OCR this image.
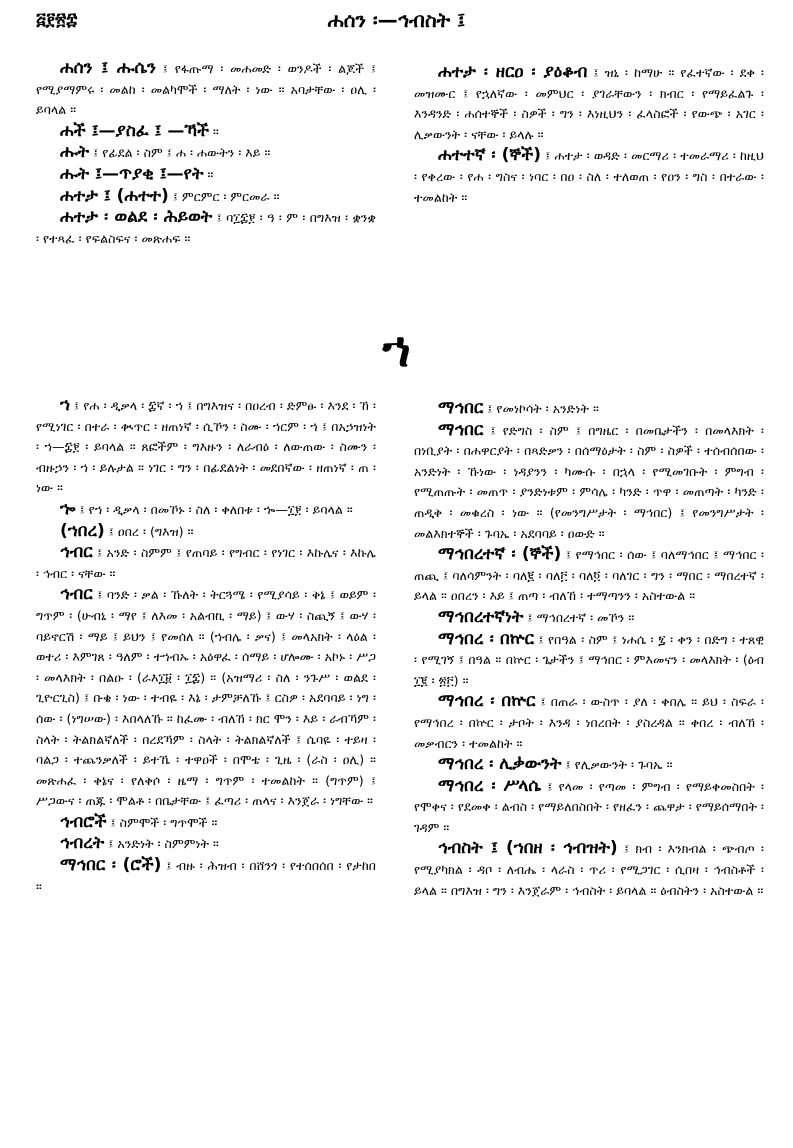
፭፻፳፰	ሐሰን ፡—ኅብስት ፤

ሐሰን ፤ ሑሴን ፤ የፋጡማ ፡ መሐመድ ፡ ወንዶች ፡ ልጆች ፤ የሚያማምሩ ፡ መልከ ፡ መልካሞች ፡ ማለት ፡ ነው ። አባታቸው ፡ ዐሊ ፡ ይባላል ።

ሐች ፤—ያስፈ ፤ —ኻች ።

ሑት ፤ የፊደል ፡ ስም ፤ ሐ ፡ ሐውትን ፡ እይ ።

ሑት ፤—ጥያቂ ፤—የት ።

ሐተታ ፤ (ሐተተ) ፤ ምርምር ፡ ምርመራ ።

ሐተታ ፡ ወልደ ፡ ሕይወት ፤ ባ፲፰፻ ፡ ዓ ፡ ም ፡ በግእዝ ፡ ቋንቋ ፡ የተጻፈ ፡ የፍልስፍና ፡ መጽሐፍ ።

ሐተታ ፡ ዘርዐ ፡ ያዕቆብ ፤ ዝኒ ፡ ከማሁ ። የፈተኛው ፡ ደቀ ፡ መዝሙር ፤ የኋለኛው ፡ መምህር ፡ ያገራቸውን ፡ ክብር ፡ የማይፈልጉ ፡ እንዳንድ ፡ ሐሰተኞች ፡ ስዎች ፡ ግን ፡ እነዚህን ፡ ፈላስፎች ፡ የውጭ ፡ አገር ፡ ሊቃውንት ፡ ናቸው ፡ ይላሉ ።

ሐተተኛ ፡ (ኞች) ፤ ሐተታ ፡ ወዳድ ፡ መርማሪ ፡ ተመራማሪ ፡ ከዚህ ፡ የቀረው ፡ የሐ ፡ ግስና ፡ ነባር ፡ በዐ ፡ ስለ ፡ ተለወጠ ፡ የዐን ፡ ግስ ፡ በተራው ፡ ተመልከት ።

ኀ

ኀ ፤ የሐ ፡ ዲቃላ ፡ ፰ኛ ፡ ኀ ፤ በግእዝና ፡ በዐረብ ፡ ድምፁ ፡ እንደ ፡ ኸ ፡ የሚነገር ፡ በተራ ፡ ቊጥር ፡ ዘጠነኛ ፡ ሲኾን ፡ ስሙ ፡ ኀርም ፡ ኀ ፤ በአኃዝነት ፡ ኀ—፰፻ ፡ ይባላል ። ጸፎችም ፡ ግእዙን ፡ ለራብዕ ፡ ለውጠው ፡ ስሙን ፡ ብዙኃን ፡ ኀ ፡ ይሉታል ። ነገር ፡ ግን ፡ በፊደልነት ፡ መደበኛው ፡ ዘጠነኛ ፡ ጠ ፡ ነው ።

ኈ ፤ የኀ ፡ ዲቃላ ፡ በመኾኑ ፡ ስለ ፡ ቀለበቱ ፡ ኈ—፲፻ ፡ ይባላል ።

(ኀበረ) ፤ ዐበረ ፡ (ግእዝ) ።

ኅብር ፤ አንድ ፡ ስምም ፤ የጠባይ ፡ የግብር ፡ የነገር ፡ እኩሌና ፡ እኩሌ ፡ ኅብር ፡ ናቸው ።

ኅብር ፤ ባንድ ፡ ቃል ፡ ኹለት ፡ ትርጓሜ ፡ የሚያሳይ ፡ ቅኔ ፤ ወይም ፡ ግጥም ፡ (ሁብኒ ፡ ማየ ፤ ለእመ ፡ አልብኪ ፡ ማይ) ፤ ውሃ ፡ ስጪኝ ፤ ውሃ ፡ ባይኖርሽ ፡ ማይ ፤ ይህን ፤ የመሰለ ። (ኀብሌ ፡ ቃና) ፤ መላአክት ፡ ላዕል ፡ ወተሪ ፡ እምገጸ ፡ ዓለም ፡ ተኀብኡ ፡ አዕዋፈ ፡ ሰማይ ፡ ሆሎሙ ፡ አኮኑ ፡ ሥጋ ፡ መላእክት ፡ በልዑ ፡ (ራእ፲፱ ፡ ፲፰) ። (አዝማሪ ፡ ስለ ፡ ንጉሥ ፡ ወልደ ፡ ጊዮርጊስ) ፤ ቡቄ ፡ ነው ፡ ተብዬ ፡ እኔ ፡ ታምቻለኹ ፤ ርስዎ ፡ አደባባይ ፡ ነግ ፡ ሰው ፡ (ነግሠው) ፡ እበላለኹ ። ከፈሙ ፡ ብለኸ ፡ ክር ሞን ፡ እይ ፡ ራብኻም ፡ ስላት ፡ ትልክልኛለች ፡ በረደኻም ፡ ስላት ፡ ትልክልኛለች ፤ ሴባዬ ፡ ተይዛ ፡ ባልጋ ፡ ተጨንቃለች ፡ ይተኼ ፡ ተዋዐች ፡ በሞቴ ፡ ጊዜ ፡ (ራስ ፡ ዐሊ) ። መጽሐፈ ፡ ቅኔና ፡ የለቅሶ ፡ ዜማ ፡ ግጥም ፡ ተመልከት ። (ግጥም) ፤ ሥጋውና ፡ ጠጁ ፡ ሞልቶ ፡ በቤታቸው ፤ ፈጣሪ ፡ ጠላና ፡ እንጀራ ፡ ነግቸው ።

ኅብሮች ፤ ስምሞች ፡ ግጥሞች ።

ኅብረት ፤ አንድነት ፡ ስምምነት ።

ማኅበር ፡ (ሮች) ፤ ብዙ ፡ ሕዝብ ፡ በሸንጎ ፡ የተሰበሰበ ፡ የታከበ ።

ማኅበር ፤ የመነኮሳት ፡ አንድነት ።

ማኅበር ፤ የድግስ ፡ ስም ፤ በግዜር ፡ በመቤታችን ፡ በመላእክት ፡ በነቢያት ፡ በሐዋርያት ፡ በጻድቃን ፡ በሰማዕታት ፡ ስም ፡ ስዎች ፡ ተሰብሰበው ፡ አንድነት ፡ ኹነው ፡ ነዳያንን ፡ ካሙሱ ፡ በኋላ ፡ የሚመገቡት ፡ ምግብ ፡ የሚጠጡት ፡ መጠጥ ፡ ያንድነቱም ፡ ምሳሌ ፡ ካንድ ፡ ጥዋ ፡ መጠጣት ፡ ካንድ ፡ ጠዲቅ ፡ መቁረስ ፡ ነው ። (የመንግሥታት ፡ ማኅበር) ፤ የመንግሥታት ፡ መልእክተኞች ፡ ጉባኤ ፡ አደባባይ ፡ ዐውድ ።

ማኅበረተኛ ፡ (ኞች) ፤ የማኅበር ፡ ሰው ፤ ባለማኅበር ፤ ማኅበር ፡ ጠጪ ፤ ባለሳምንት ፡ ባለ፪ ፡ ባለ፫ ፡ ባለ፬ ፡ ባለገር ፡ ግን ፡ ማበር ፡ ማበረተኛ ፡ ይላል ። ዐበረን ፡ እይ ፤ ጠጣ ፡ ብለኸ ፡ ተማጣንን ፡ አስተውል ።

ማኅበረተኛነት ፤ ማኅበረተኛ ፡ መኾን ።

ማኅበረ ፡ በኵር ፤ የበዓል ፡ ስም ፤ ነሐሴ ፡ ፯ ፡ ቀን ፡ በድግ ፡ ተጸዊ ፡ የሚገኝ ፤ በዓል ። በኵር ፡ ጌታችን ፤ ማኅበር ፡ ምእመናን ፡ መላእክት ፡ (ዕብ ፲፪ ፡ ፳፫) ።

ማኅበረ ፡ በኵር ፤ በጠራ ፡ ውስጥ ፡ ያለ ፡ ቀበሌ ። ይህ ፡ ስፍራ ፡ የማኅበረ ፡ በኵር ፡ ታቦት ፡ እንዳ ፡ ነበረበት ፡ ያስረዳል ። ቀበረ ፡ ብለኸ ፡ መቃብርን ፡ ተመልከት ።

ማኅበረ ፡ ሊቃውንት ፤ የሊቃውንት ፡ ጉባኤ ።

ማኅበረ ፡ ሥላሴ ፤ የላመ ፡ የጣመ ፡ ምግብ ፡ የማይቀመስበት ፡ የሞቀና ፡ የደመቀ ፡ ልብስ ፡ የማይለበስበት ፡ የዘፈን ፡ ጨዋታ ፡ የማይሰማበት ፡ ገዳም ።

ኅብስት ፤ (ኀበዘ ፡ ኅብዝት) ፤ ክብ ፡ እንክብል ፡ ጭብጦ ፡ የሚያካክል ፡ ዳቦ ፡ ለብሔ ፡ ላራስ ፡ ጥሪ ፡ የሚጋገር ፡ ሲበዛ ፡ ኅብስቶች ፡ ይላል ። በግእዝ ፡ ግን ፡ እንጀራም ፡ ኅብስት ፡ ይባላል ። ዕብስትን ፡ አስተውል ።
